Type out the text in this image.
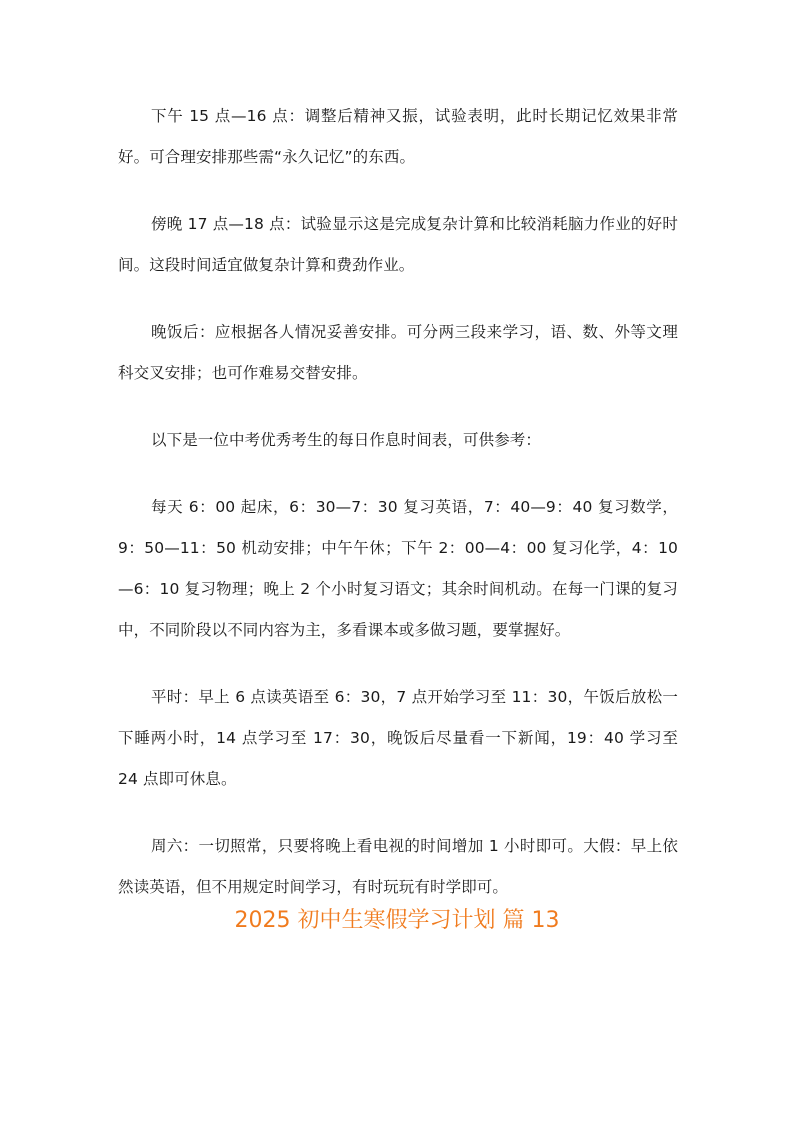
下午 15 点—16 点：调整后精神又振，试验表明，此时长期记忆效果非常好。可合理安排那些需“永久记忆”的东西。

傍晚 17 点—18 点：试验显示这是完成复杂计算和比较消耗脑力作业的好时间。这段时间适宜做复杂计算和费劲作业。

晚饭后：应根据各人情况妥善安排。可分两三段来学习，语、数、外等文理科交叉安排；也可作难易交替安排。

以下是一位中考优秀考生的每日作息时间表，可供参考：

每天 6：00 起床，6：30—7：30 复习英语，7：40—9：40 复习数学，9：50—11：50 机动安排；中午午休；下午 2：00—4：00 复习化学，4：10—6：10 复习物理；晚上 2 个小时复习语文；其余时间机动。在每一门课的复习中，不同阶段以不同内容为主，多看课本或多做习题，要掌握好。

平时：早上 6 点读英语至 6：30，7 点开始学习至 11：30，午饭后放松一下睡两小时，14 点学习至 17：30，晚饭后尽量看一下新闻，19：40 学习至 24 点即可休息。

周六：一切照常，只要将晚上看电视的时间增加 1 小时即可。大假：早上依然读英语，但不用规定时间学习，有时玩玩有时学即可。

2025 初中生寒假学习计划 篇 13
